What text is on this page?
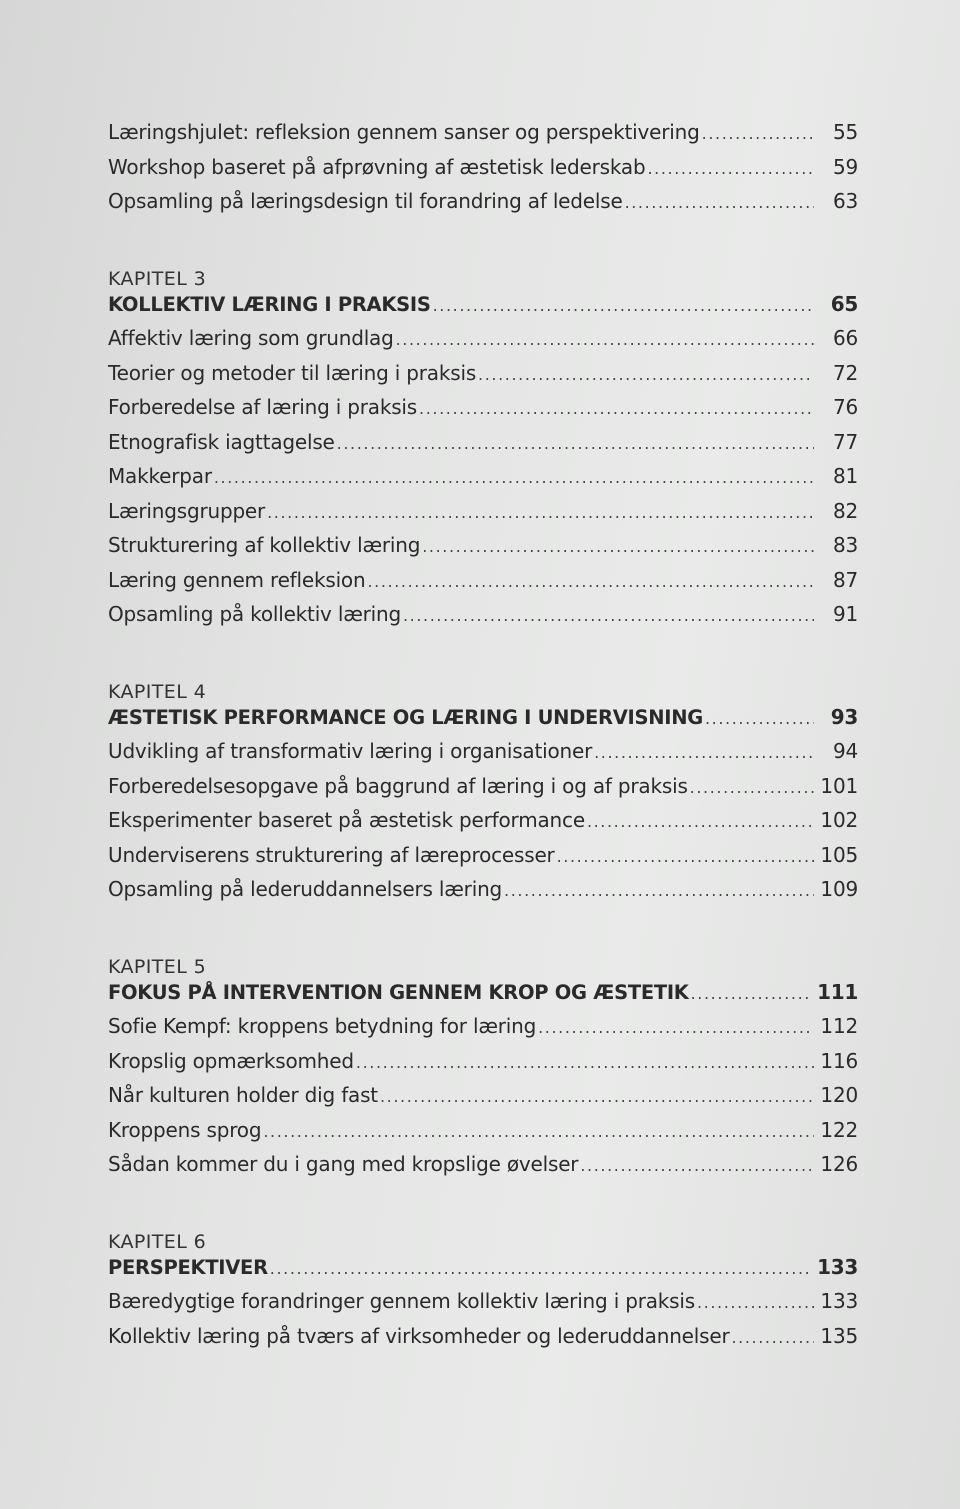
Læringshjulet: refleksion gennem sanser og perspektivering .....	55
Workshop baseret på afprøvning af æstetisk lederskab .....	59
Opsamling på læringsdesign til forandring af ledelse .....	63
KAPITEL 3
KOLLEKTIV LÆRING I PRAKSIS .....	65
Affektiv læring som grundlag .....	66
Teorier og metoder til læring i praksis .....	72
Forberedelse af læring i praksis .....	76
Etnografisk iagttagelse .....	77
Makkerpar .....	81
Læringsgrupper .....	82
Strukturering af kollektiv læring .....	83
Læring gennem refleksion .....	87
Opsamling på kollektiv læring .....	91
KAPITEL 4
ÆSTETISK PERFORMANCE OG LÆRING I UNDERVISNING .....	93
Udvikling af transformativ læring i organisationer .....	94
Forberedelsesopgave på baggrund af læring i og af praksis .....	101
Eksperimenter baseret på æstetisk performance .....	102
Underviserens strukturering af læreprocesser .....	105
Opsamling på lederuddannelsers læring .....	109
KAPITEL 5
FOKUS PÅ INTERVENTION GENNEM KROP OG ÆSTETIK .....	111
Sofie Kempf: kroppens betydning for læring .....	112
Kropslig opmærksomhed .....	116
Når kulturen holder dig fast .....	120
Kroppens sprog .....	122
Sådan kommer du i gang med kropslige øvelser .....	126
KAPITEL 6
PERSPEKTIVER .....	133
Bæredygtige forandringer gennem kollektiv læring i praksis .....	133
Kollektiv læring på tværs af virksomheder og lederuddannelser .....	135
